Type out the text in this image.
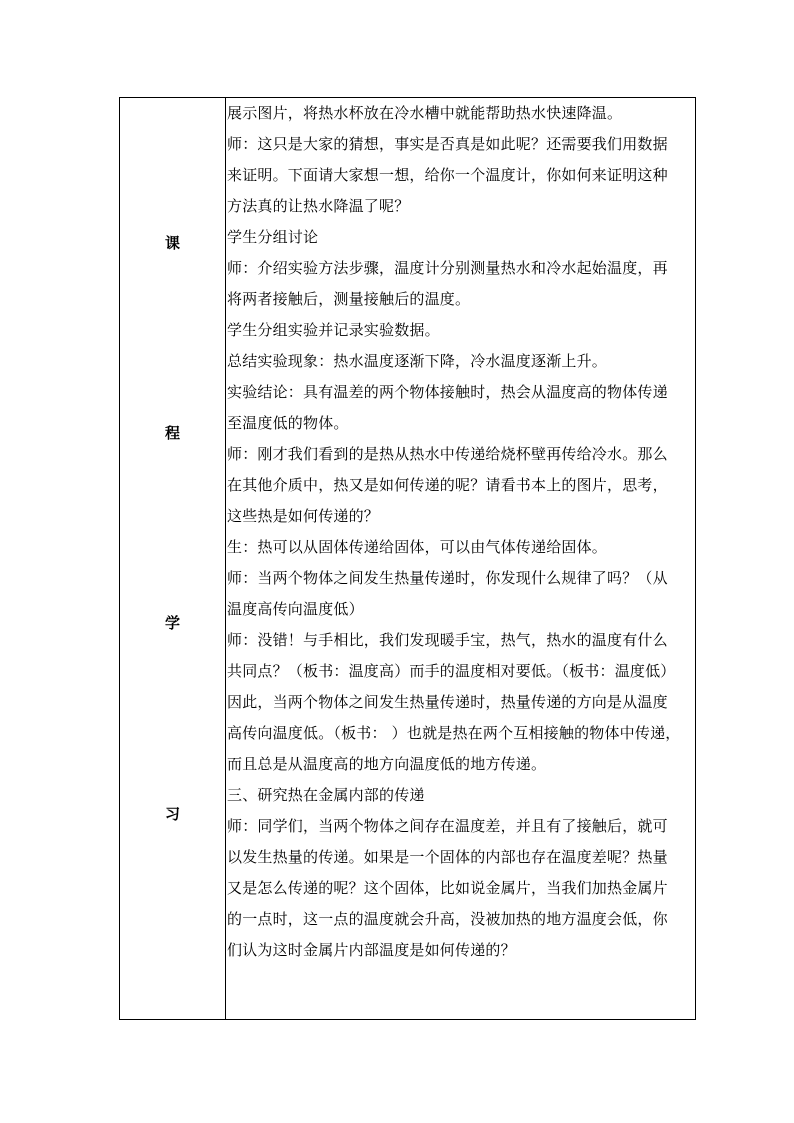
课
程
学
习
展示图片，将热水杯放在冷水槽中就能帮助热水快速降温。
师：这只是大家的猜想，事实是否真是如此呢？还需要我们用数据
来证明。下面请大家想一想，给你一个温度计，你如何来证明这种
方法真的让热水降温了呢？
学生分组讨论
师：介绍实验方法步骤，温度计分别测量热水和冷水起始温度，再
将两者接触后，测量接触后的温度。
学生分组实验并记录实验数据。
总结实验现象：热水温度逐渐下降，冷水温度逐渐上升。
实验结论：具有温差的两个物体接触时，热会从温度高的物体传递
至温度低的物体。
师：刚才我们看到的是热从热水中传递给烧杯壁再传给冷水。那么
在其他介质中，热又是如何传递的呢？请看书本上的图片，思考，
这些热是如何传递的？
生：热可以从固体传递给固体，可以由气体传递给固体。
师：当两个物体之间发生热量传递时，你发现什么规律了吗？（从
温度高传向温度低）
师：没错！与手相比，我们发现暖手宝，热气，热水的温度有什么
共同点？（板书：温度高）而手的温度相对要低。（板书：温度低）
因此，当两个物体之间发生热量传递时，热量传递的方向是从温度
高传向温度低。（板书： ）也就是热在两个互相接触的物体中传递，
而且总是从温度高的地方向温度低的地方传递。
三、研究热在金属内部的传递
师：同学们，当两个物体之间存在温度差，并且有了接触后，就可
以发生热量的传递。如果是一个固体的内部也存在温度差呢？热量
又是怎么传递的呢？这个固体，比如说金属片，当我们加热金属片
的一点时，这一点的温度就会升高，没被加热的地方温度会低，你
们认为这时金属片内部温度是如何传递的？
